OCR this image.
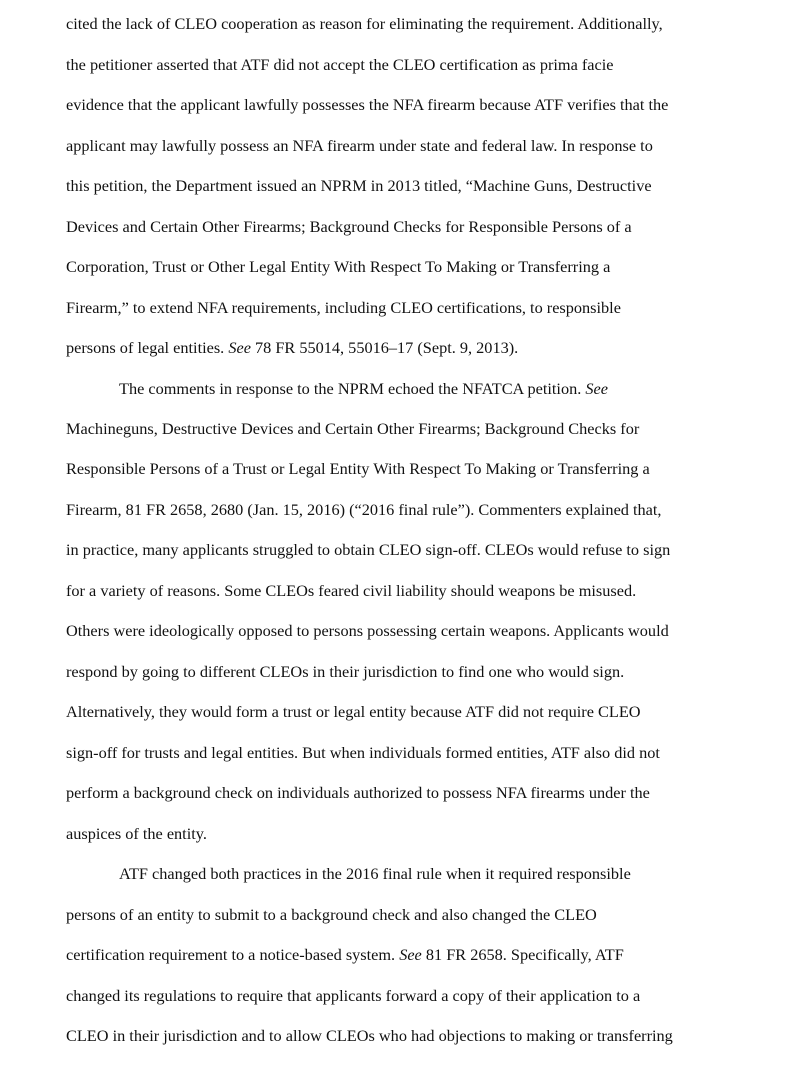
cited the lack of CLEO cooperation as reason for eliminating the requirement. Additionally,
the petitioner asserted that ATF did not accept the CLEO certification as prima facie
evidence that the applicant lawfully possesses the NFA firearm because ATF verifies that the
applicant may lawfully possess an NFA firearm under state and federal law. In response to
this petition, the Department issued an NPRM in 2013 titled, “Machine Guns, Destructive
Devices and Certain Other Firearms; Background Checks for Responsible Persons of a
Corporation, Trust or Other Legal Entity With Respect To Making or Transferring a
Firearm,” to extend NFA requirements, including CLEO certifications, to responsible
persons of legal entities. See 78 FR 55014, 55016–17 (Sept. 9, 2013).
The comments in response to the NPRM echoed the NFATCA petition. See
Machineguns, Destructive Devices and Certain Other Firearms; Background Checks for
Responsible Persons of a Trust or Legal Entity With Respect To Making or Transferring a
Firearm, 81 FR 2658, 2680 (Jan. 15, 2016) (“2016 final rule”). Commenters explained that,
in practice, many applicants struggled to obtain CLEO sign-off. CLEOs would refuse to sign
for a variety of reasons. Some CLEOs feared civil liability should weapons be misused.
Others were ideologically opposed to persons possessing certain weapons. Applicants would
respond by going to different CLEOs in their jurisdiction to find one who would sign.
Alternatively, they would form a trust or legal entity because ATF did not require CLEO
sign-off for trusts and legal entities. But when individuals formed entities, ATF also did not
perform a background check on individuals authorized to possess NFA firearms under the
auspices of the entity.
ATF changed both practices in the 2016 final rule when it required responsible
persons of an entity to submit to a background check and also changed the CLEO
certification requirement to a notice-based system. See 81 FR 2658. Specifically, ATF
changed its regulations to require that applicants forward a copy of their application to a
CLEO in their jurisdiction and to allow CLEOs who had objections to making or transferring
